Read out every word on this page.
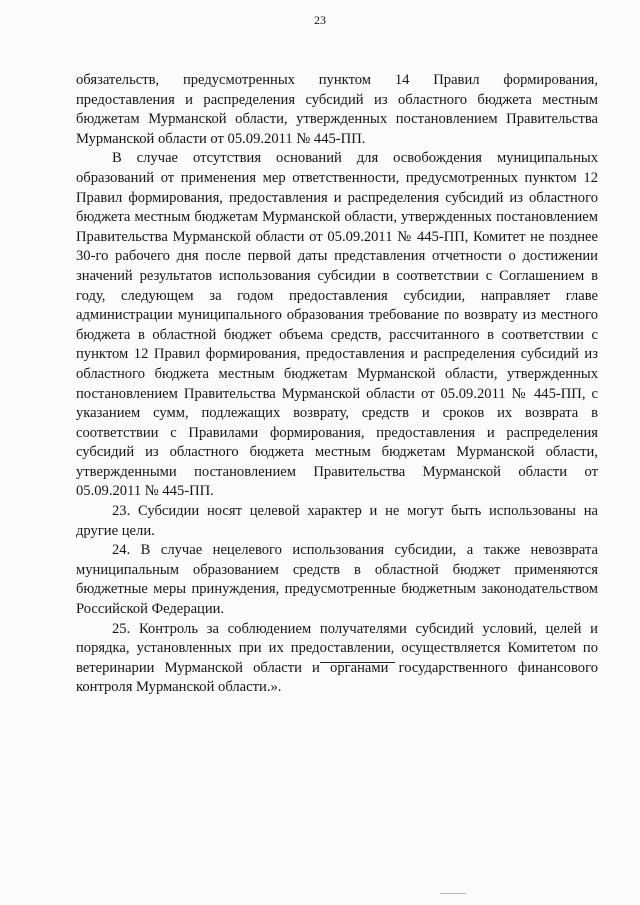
23

обязательств, предусмотренных пунктом 14 Правил формирования, предоставления и распределения субсидий из областного бюджета местным бюджетам Мурманской области, утвержденных постановлением Правительства Мурманской области от 05.09.2011 № 445-ПП.

В случае отсутствия оснований для освобождения муниципальных образований от применения мер ответственности, предусмотренных пунктом 12 Правил формирования, предоставления и распределения субсидий из областного бюджета местным бюджетам Мурманской области, утвержденных постановлением Правительства Мурманской области от 05.09.2011 № 445-ПП, Комитет не позднее 30-го рабочего дня после первой даты представления отчетности о достижении значений результатов использования субсидии в соответствии с Соглашением в году, следующем за годом предоставления субсидии, направляет главе администрации муниципального образования требование по возврату из местного бюджета в областной бюджет объема средств, рассчитанного в соответствии с пунктом 12 Правил формирования, предоставления и распределения субсидий из областного бюджета местным бюджетам Мурманской области, утвержденных постановлением Правительства Мурманской области от 05.09.2011 № 445-ПП, с указанием сумм, подлежащих возврату, средств и сроков их возврата в соответствии с Правилами формирования, предоставления и распределения субсидий из областного бюджета местным бюджетам Мурманской области, утвержденными постановлением Правительства Мурманской области от 05.09.2011 № 445-ПП.

23. Субсидии носят целевой характер и не могут быть использованы на другие цели.

24. В случае нецелевого использования субсидии, а также невозврата муниципальным образованием средств в областной бюджет применяются бюджетные меры принуждения, предусмотренные бюджетным законодательством Российской Федерации.

25. Контроль за соблюдением получателями субсидий условий, целей и порядка, установленных при их предоставлении, осуществляется Комитетом по ветеринарии Мурманской области и органами государственного финансового контроля Мурманской области.».
